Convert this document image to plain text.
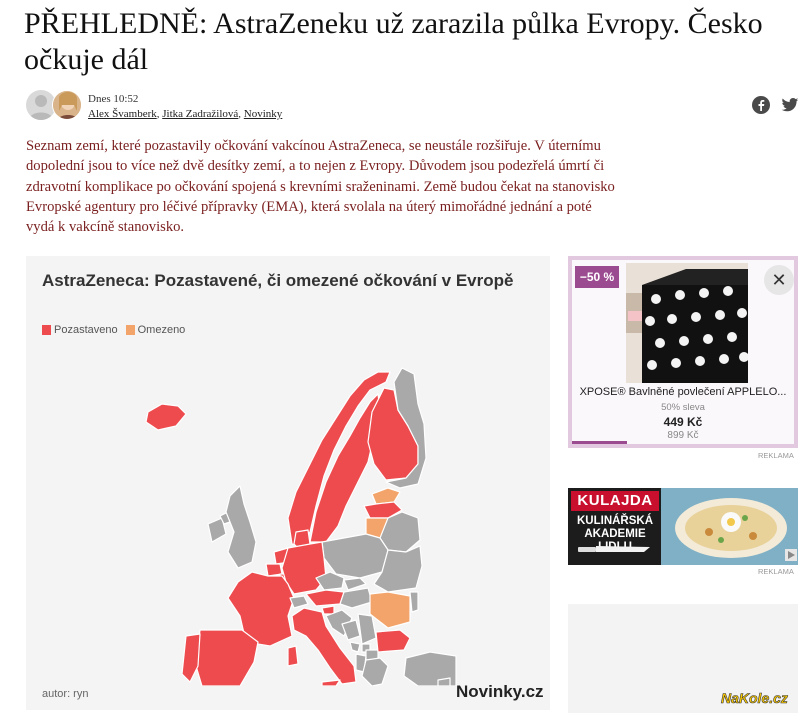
PŘEHLEDNĚ: AstraZeneku už zarazila půlka Evropy. Česko očkuje dál
Dnes 10:52
Alex Švamberk, Jitka Zadražilová, Novinky

Seznam zemí, které pozastavily očkování vakcínou AstraZeneca, se neustále rozšiřuje. V úternímu dopolední jsou to více než dvě desítky zemí, a to nejen z Evropy. Důvodem jsou podezřelá úmrtí či zdravotní komplikace po očkování spojená s krevními sraženinami. Země budou čekat na stanovisko Evropské agentury pro léčivé přípravky (EMA), která svolala na úterý mimořádné jednání a poté vydá k vakcíně stanovisko.

AstraZeneca: Pozastavené, či omezené očkování v Evropě
Pozastaveno Omezeno
autor: ryn	Novinky.cz
−50 %	✕
XPOSE® Bavlněné povlečení APPLELO...
50% sleva
449 Kč
899 Kč
REKLAMA
KULAJDA
KULINÁŘSKÁ
AKADEMIE
REKLAMA
NaKole.cz
